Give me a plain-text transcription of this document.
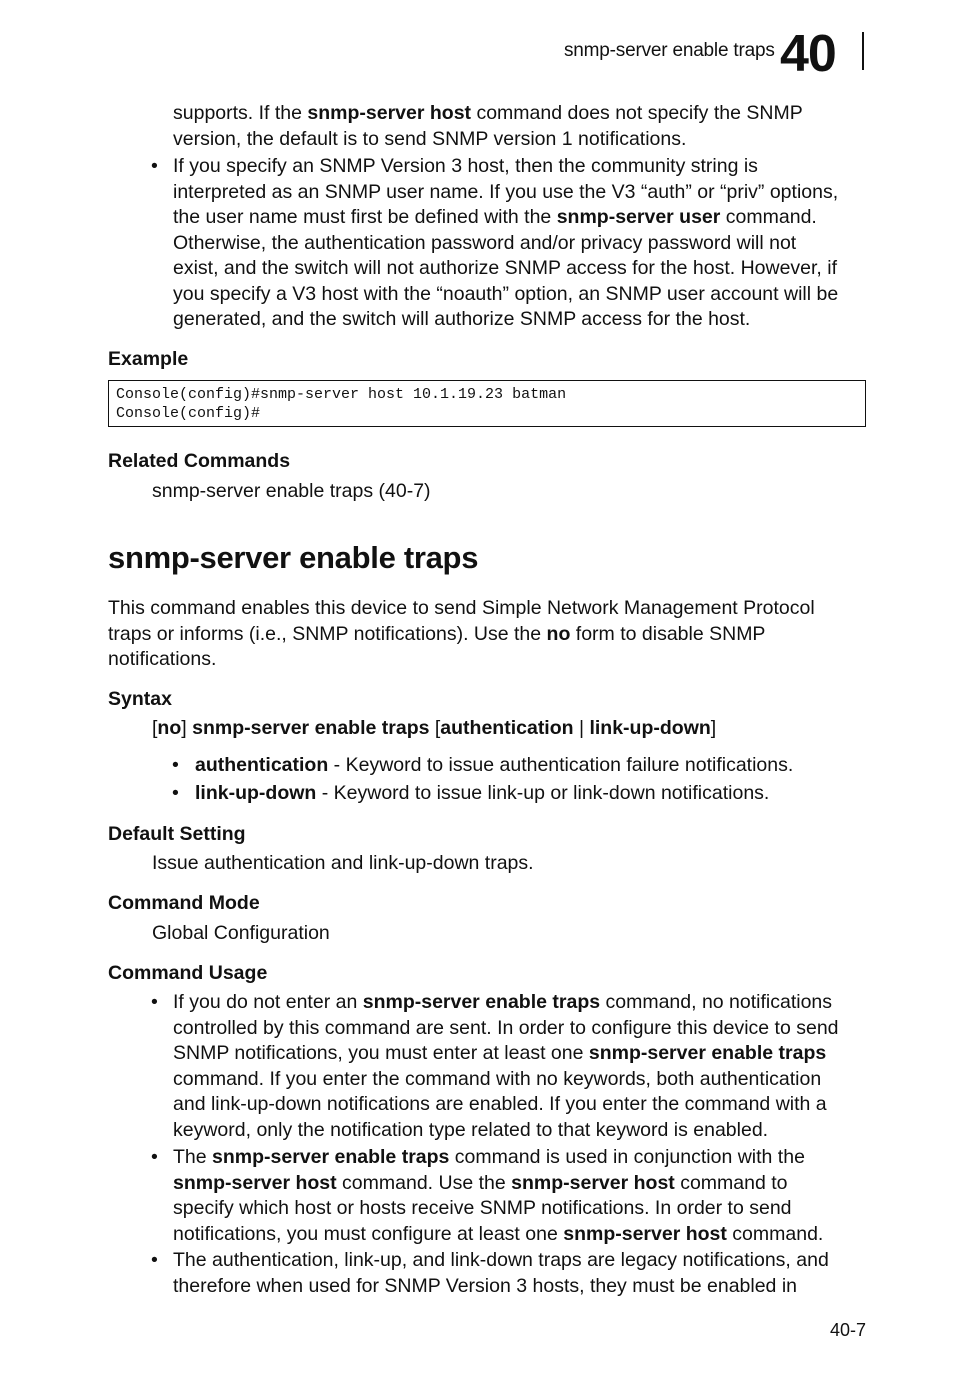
snmp-server enable traps 40
supports. If the snmp-server host command does not specify the SNMP
version, the default is to send SNMP version 1 notifications.
• If you specify an SNMP Version 3 host, then the community string is
interpreted as an SNMP user name. If you use the V3 “auth” or “priv” options,
the user name must first be defined with the snmp-server user command.
Otherwise, the authentication password and/or privacy password will not
exist, and the switch will not authorize SNMP access for the host. However, if
you specify a V3 host with the “noauth” option, an SNMP user account will be
generated, and the switch will authorize SNMP access for the host.
Example
Console(config)#snmp-server host 10.1.19.23 batman
Console(config)#
Related Commands
snmp-server enable traps (40-7)
snmp-server enable traps
This command enables this device to send Simple Network Management Protocol
traps or informs (i.e., SNMP notifications). Use the no form to disable SNMP
notifications.
Syntax
[no] snmp-server enable traps [authentication | link-up-down]
• authentication - Keyword to issue authentication failure notifications.
• link-up-down - Keyword to issue link-up or link-down notifications.
Default Setting
Issue authentication and link-up-down traps.
Command Mode
Global Configuration
Command Usage
• If you do not enter an snmp-server enable traps command, no notifications
controlled by this command are sent. In order to configure this device to send
SNMP notifications, you must enter at least one snmp-server enable traps
command. If you enter the command with no keywords, both authentication
and link-up-down notifications are enabled. If you enter the command with a
keyword, only the notification type related to that keyword is enabled.
• The snmp-server enable traps command is used in conjunction with the
snmp-server host command. Use the snmp-server host command to
specify which host or hosts receive SNMP notifications. In order to send
notifications, you must configure at least one snmp-server host command.
• The authentication, link-up, and link-down traps are legacy notifications, and
therefore when used for SNMP Version 3 hosts, they must be enabled in
40-7
